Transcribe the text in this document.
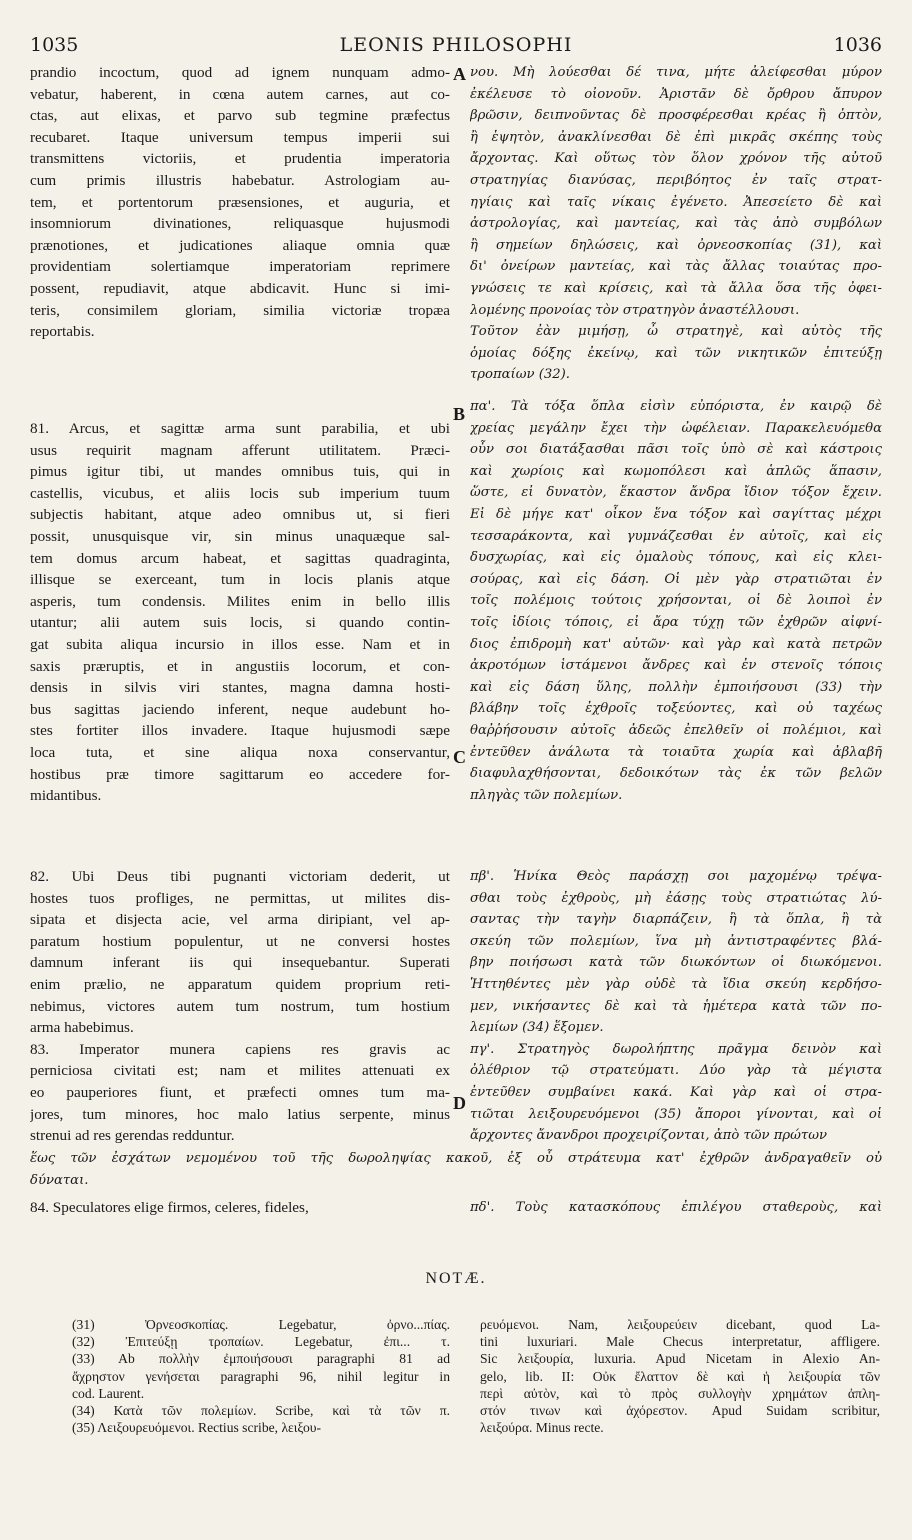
1035	LEONIS PHILOSOPHI	1036
prandio incoctum, quod ad ignem nunquam admo-
vebatur, haberent, in cœna autem carnes, aut co-
ctas, aut elixas, et parvo sub tegmine præfectus
recubaret. Itaque universum tempus imperii sui
transmittens victoriis, et prudentia imperatoria
cum primis illustris habebatur. Astrologiam au-
tem, et portentorum præsensiones, et auguria, et
insomniorum divinationes, reliquasque hujusmodi
prænotiones, et judicationes aliaque omnia quæ
providentiam solertiamque imperatoriam reprimere
possent, repudiavit, atque abdicavit. Hunc si imi-
teris, consimilem gloriam, similia victoriæ tropæa
reportabis.
81. Arcus, et sagittæ arma sunt parabilia, et ubi
usus requirit magnam afferunt utilitatem. Præci-
pimus igitur tibi, ut mandes omnibus tuis, qui in
castellis, vicubus, et aliis locis sub imperium tuum
subjectis habitant, atque adeo omnibus ut, si fieri
possit, unusquisque vir, sin minus unaquæque sal-
tem domus arcum habeat, et sagittas quadraginta,
illisque se exerceant, tum in locis planis atque
asperis, tum condensis. Milites enim in bello illis
utantur; alii autem suis locis, si quando contin-
gat subita aliqua incursio in illos esse. Nam et in
saxis præruptis, et in angustiis locorum, et con-
densis in silvis viri stantes, magna damna hosti-
bus sagittas jaciendo inferent, neque audebunt ho-
stes fortiter illos invadere. Itaque hujusmodi sæpe
loca tuta, et sine aliqua noxa conservantur,
hostibus præ timore sagittarum eo accedere for-
midantibus.
82. Ubi Deus tibi pugnanti victoriam dederit, ut
hostes tuos profliges, ne permittas, ut milites dis-
sipata et disjecta acie, vel arma diripiant, vel ap-
paratum hostium populentur, ut ne conversi hostes
damnum inferant iis qui insequebantur. Superati
enim prælio, ne apparatum quidem proprium reti-
nebimus, victores autem tum nostrum, tum hostium
arma habebimus.
83. Imperator munera capiens res gravis ac
perniciosa civitati est; nam et milites attenuati ex
eo pauperiores fiunt, et præfecti omnes tum ma-
jores, tum minores, hoc malo latius serpente, minus
strenui ad res gerendas redduntur.
νου. Μὴ λούεσθαι δέ τινα, μήτε ἀλείφεσθαι μύρον
ἐκέλευσε τὸ οἰονοῦν. Ἀριστᾶν δὲ ὄρθρου ἄπυρον
βρῶσιν, δειπνοῦντας δὲ προσφέρεσθαι κρέας ἢ ὀπτὸν,
ἢ ἑψητὸν, ἀνακλίνεσθαι δὲ ἐπὶ μικρᾶς σκέπης τοὺς
ἄρχοντας. Καὶ οὕτως τὸν ὅλον χρόνον τῆς αὐτοῦ
στρατηγίας διανύσας, περιβόητος ἐν ταῖς στρατ-
ηγίαις καὶ ταῖς νίκαις ἐγένετο. Ἀπεσείετο δὲ καὶ
ἀστρολογίας, καὶ μαντείας, καὶ τὰς ἀπὸ συμβόλων
ἢ σημείων δηλώσεις, καὶ ὀρνεοσκοπίας (31), καὶ
δι' ὀνείρων μαντείας, καὶ τὰς ἄλλας τοιαύτας προ-
γνώσεις τε καὶ κρίσεις, καὶ τὰ ἄλλα ὅσα τῆς ὀφει-
λομένης προνοίας τὸν στρατηγὸν ἀναστέλλουσι.
Τοῦτον ἐὰν μιμήσῃ, ὦ στρατηγὲ, καὶ αὐτὸς τῆς
ὁμοίας δόξης ἐκείνῳ, καὶ τῶν νικητικῶν ἐπιτεύξῃ
τροπαίων (32).
πα'. Τὰ τόξα ὅπλα εἰσὶν εὐπόριστα, ἐν καιρῷ δὲ
χρείας μεγάλην ἔχει τὴν ὠφέλειαν. Παρακελευόμεθα
οὖν σοι διατάξασθαι πᾶσι τοῖς ὑπὸ σὲ καὶ κάστροις
καὶ χωρίοις καὶ κωμοπόλεσι καὶ ἁπλῶς ἅπασιν,
ὥστε, εἰ δυνατὸν, ἕκαστον ἄνδρα ἴδιον τόξον ἔχειν.
Εἰ δὲ μήγε κατ' οἶκον ἕνα τόξον καὶ σαγίττας μέχρι
τεσσαράκοντα, καὶ γυμνάζεσθαι ἐν αὐτοῖς, καὶ εἰς
δυσχωρίας, καὶ εἰς ὁμαλοὺς τόπους, καὶ εἰς κλει-
σούρας, καὶ εἰς δάση. Οἱ μὲν γὰρ στρατιῶται ἐν
τοῖς πολέμοις τούτοις χρήσονται, οἱ δὲ λοιποὶ ἐν
τοῖς ἰδίοις τόποις, εἰ ἄρα τύχῃ τῶν ἐχθρῶν αἰφνί-
διος ἐπιδρομὴ κατ' αὐτῶν· καὶ γὰρ καὶ κατὰ πετρῶν
ἀκροτόμων ἱστάμενοι ἄνδρες καὶ ἐν στενοῖς τόποις
καὶ εἰς δάση ὕλης, πολλὴν ἐμποιήσουσι (33) τὴν
βλάβην τοῖς ἐχθροῖς τοξεύοντες, καὶ οὐ ταχέως
θαῤῥήσουσιν αὐτοῖς ἀδεῶς ἐπελθεῖν οἱ πολέμιοι, καὶ
ἐντεῦθεν ἀνάλωτα τὰ τοιαῦτα χωρία καὶ ἀβλαβῆ
διαφυλαχθήσονται, δεδοικότων τὰς ἐκ τῶν βελῶν
πληγὰς τῶν πολεμίων.
πβ'. Ἡνίκα Θεὸς παράσχῃ σοι μαχομένῳ τρέψα-
σθαι τοὺς ἐχθροὺς, μὴ ἐάσῃς τοὺς στρατιώτας λύ-
σαντας τὴν ταγὴν διαρπάζειν, ἢ τὰ ὅπλα, ἢ τὰ
σκεύη τῶν πολεμίων, ἵνα μὴ ἀντιστραφέντες βλά-
βην ποιήσωσι κατὰ τῶν διωκόντων οἱ διωκόμενοι.
Ἡττηθέντες μὲν γὰρ οὐδὲ τὰ ἴδια σκεύη κερδήσο-
μεν, νικήσαντες δὲ καὶ τὰ ἡμέτερα κατὰ τῶν πο-
λεμίων (34) ἕξομεν.
πγ'. Στρατηγὸς δωρολήπτης πρᾶγμα δεινὸν καὶ
ὀλέθριον τῷ στρατεύματι. Δύο γὰρ τὰ μέγιστα
ἐντεῦθεν συμβαίνει κακά. Καὶ γὰρ καὶ οἱ στρα-
τιῶται λειξουρευόμενοι (35) ἄποροι γίνονται, καὶ οἱ
ἄρχοντες ἄνανδροι προχειρίζονται, ἀπὸ τῶν πρώτων
A
B
C
D
ἕως τῶν ἐσχάτων νεμομένου τοῦ τῆς δωροληψίας κακοῦ, ἐξ οὗ στράτευμα κατ' ἐχθρῶν ἀνδραγαθεῖν οὐ
δύναται.
84. Speculatores elige firmos, celeres, fideles,	πδ'. Τοὺς κατασκόπους ἐπιλέγου σταθεροὺς, καὶ
NOTÆ.
(31) Ὀρνεοσκοπίας. Legebatur, ὀρνο...πίας.
(32) Ἐπιτεύξῃ τροπαίων. Legebatur, ἐπι... τ.
(33) Ab πολλὴν ἐμποιήσουσι paragraphi 81 ad
ἄχρηστον γενήσεται paragraphi 96, nihil legitur in
cod. Laurent.
(34) Κατὰ τῶν πολεμίων. Scribe, καὶ τὰ τῶν π.
(35) Λειξουρευόμενοι. Rectius scribe, λειξου-
ρευόμενοι. Nam, λειξουρεύειν dicebant, quod La-
tini luxuriari. Male Checus interpretatur, affligere.
Sic λειξουρία, luxuria. Apud Nicetam in Alexio An-
gelo, lib. II: Οὐκ ἔλαττον δὲ καὶ ἡ λειξουρία τῶν
περὶ αὐτὸν, καὶ τὸ πρὸς συλλογὴν χρημάτων ἀπλη-
στόν τινων καὶ ἀχόρεστον. Apud Suidam scribitur,
λειξούρα. Minus recte.
